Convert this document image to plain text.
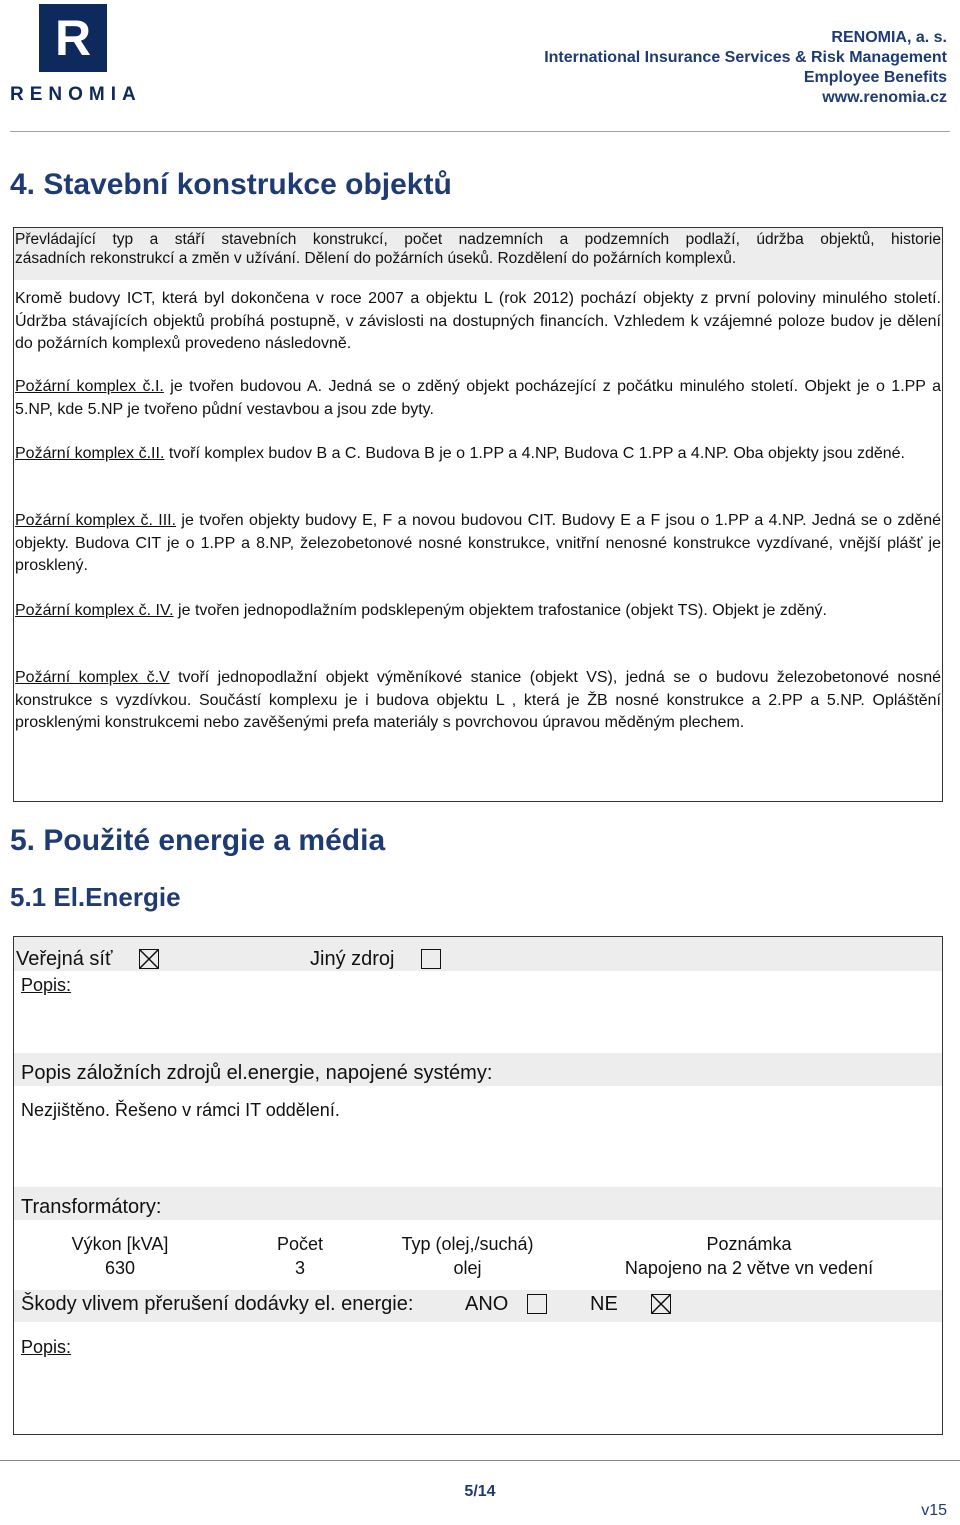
R
RENOMIA
RENOMIA, a. s.
International Insurance Services & Risk Management
Employee Benefits
www.renomia.cz
4. Stavební konstrukce objektů
Převládající typ a stáří stavebních konstrukcí, počet nadzemních a podzemních podlaží, údržba objektů, historie
zásadních rekonstrukcí a změn v užívání. Dělení do požárních úseků. Rozdělení do požárních komplexů.
Kromě budovy ICT, která byl dokončena v roce 2007 a objektu L (rok 2012) pochází objekty z první poloviny minulého století. Údržba stávajících objektů probíhá postupně, v závislosti na dostupných financích. Vzhledem k vzájemné poloze budov je dělení do požárních komplexů provedeno následovně.
Požární komplex č.I. je tvořen budovou A. Jedná se o zděný objekt pocházející z počátku minulého století. Objekt je o 1.PP a 5.NP, kde 5.NP je tvořeno půdní vestavbou a jsou zde byty.
Požární komplex č.II. tvoří komplex budov B a C. Budova B je o 1.PP a 4.NP, Budova C 1.PP a 4.NP. Oba objekty jsou zděné.
Požární komplex č. III. je tvořen objekty budovy E, F a novou budovou CIT. Budovy E a F jsou o 1.PP a 4.NP. Jedná se o zděné objekty. Budova CIT je o 1.PP a 8.NP, železobetonové nosné konstrukce, vnitřní nenosné konstrukce vyzdívané, vnější plášť je prosklený.
Požární komplex č. IV. je tvořen jednopodlažním podsklepeným objektem trafostanice (objekt TS). Objekt je zděný.
Požární komplex č.V tvoří jednopodlažní objekt výměníkové stanice (objekt VS), jedná se o budovu železobetonové nosné konstrukce s vyzdívkou. Součástí komplexu je i budova objektu L , která je ŽB nosné konstrukce a 2.PP a 5.NP. Opláštění prosklenými konstrukcemi nebo zavěšenými prefa materiály s povrchovou úpravou měděným plechem.
5. Použité energie a média
5.1 El.Energie
Veřejná síť	Jiný zdroj
Popis:
Popis záložních zdrojů el.energie, napojené systémy:
Nezjištěno. Řešeno v rámci IT oddělení.
Transformátory:
Výkon [kVA]	Počet	Typ (olej,/suchá)	Poznámka
630	3	olej	Napojeno na 2 větve vn vedení
Škody vlivem přerušení dodávky el. energie:	ANO	NE
Popis:
5/14
v15
